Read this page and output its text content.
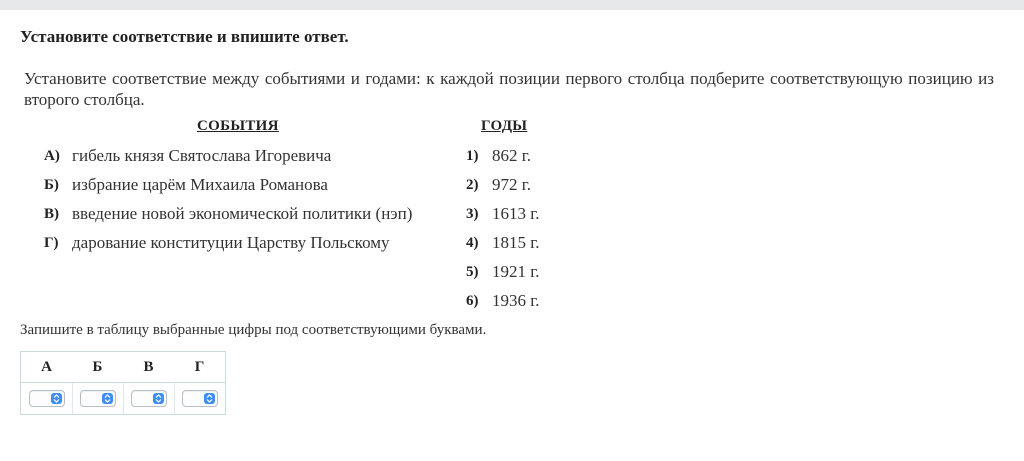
Установите соответствие и впишите ответ.
Установите соответствие между событиями и годами: к каждой позиции первого столбца подберите соответствующую позицию из второго столбца.
СОБЫТИЯ	ГОДЫ
А) гибель князя Святослава Игоревича
Б) избрание царём Михаила Романова
В) введение новой экономической политики (нэп)
Г) дарование конституции Царству Польскому
1) 862 г.
2) 972 г.
3) 1613 г.
4) 1815 г.
5) 1921 г.
6) 1936 г.
Запишите в таблицу выбранные цифры под соответствующими буквами.
А	Б	В	Г
